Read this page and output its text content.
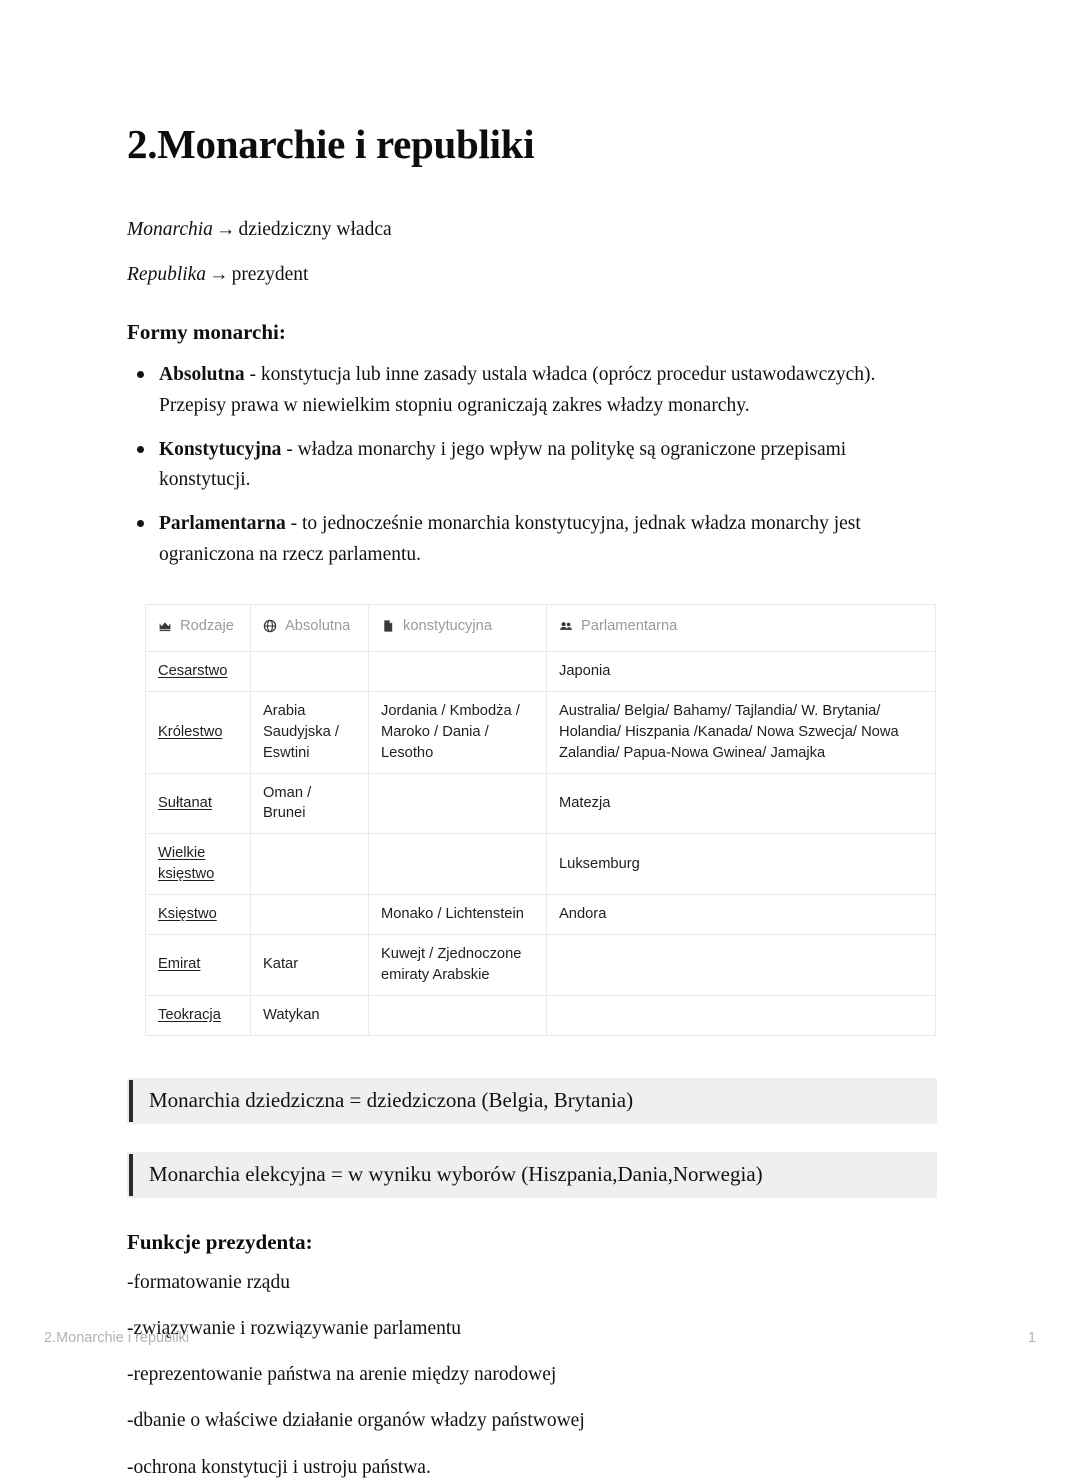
2.Monarchie i republiki
Monarchia → dziedziczny władca
Republika → prezydent
Formy monarchi:
Absolutna - konstytucja lub inne zasady ustala władca (oprócz procedur ustawodawczych). Przepisy prawa w niewielkim stopniu ograniczają zakres władzy monarchy.
Konstytucyjna - władza monarchy i jego wpływ na politykę są ograniczone przepisami konstytucji.
Parlamentarna - to jednocześnie monarchia konstytucyjna, jednak władza monarchy jest ograniczona na rzecz parlamentu.
Rodzaje	Absolutna	konstytucyjna	Parlamentarna

Cesarstwo			Japonia
Królestwo	Arabia Saudyjska / Eswtini	Jordania / Kmbodża / Maroko / Dania / Lesotho	Australia/ Belgia/ Bahamy/ Tajlandia/ W. Brytania/ Holandia/ Hiszpania /Kanada/ Nowa Szwecja/ Nowa Zalandia/ Papua-Nowa Gwinea/ Jamajka
Sułtanat	Oman / Brunei		Matezja
Wielkie księstwo			Luksemburg
Księstwo		Monako / Lichtenstein	Andora
Emirat	Katar	Kuwejt / Zjednoczone emiraty Arabskie	
Teokracja	Watykan		
Monarchia dziedziczna = dziedziczona (Belgia, Brytania)
Monarchia elekcyjna = w wyniku wyborów (Hiszpania,Dania,Norwegia)
Funkcje prezydenta:
-formatowanie rządu
-związywanie i rozwiązywanie parlamentu
-reprezentowanie państwa na arenie między narodowej
-dbanie o właściwe działanie organów władzy państwowej
-ochrona konstytucji i ustroju państwa.
2.Monarchie i republiki	1
